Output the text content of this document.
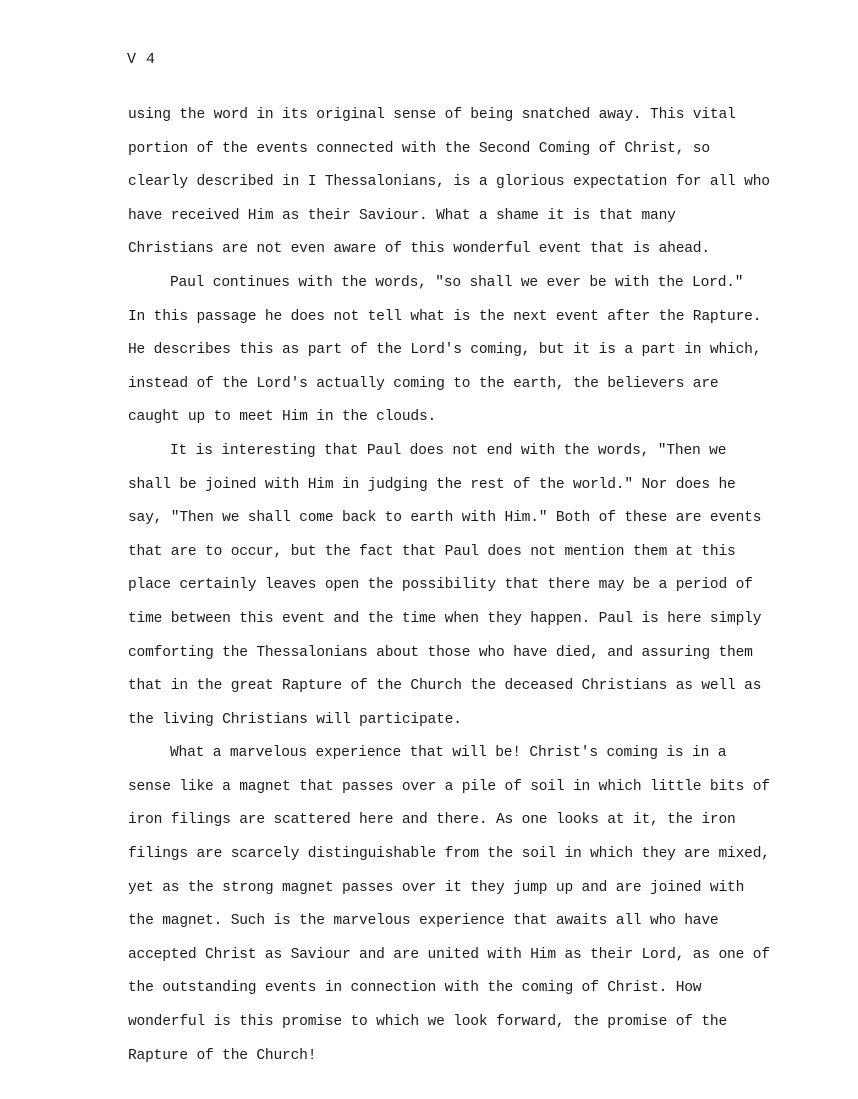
V 4
using the word in its original sense of being snatched away. This vital
portion of the events connected with the Second Coming of Christ, so
clearly described in I Thessalonians, is a glorious expectation for all who
have received Him as their Saviour. What a shame it is that many
Christians are not even aware of this wonderful event that is ahead.
Paul continues with the words, "so shall we ever be with the Lord."
In this passage he does not tell what is the next event after the Rapture.
He describes this as part of the Lord's coming, but it is a part in which,
instead of the Lord's actually coming to the earth, the believers are
caught up to meet Him in the clouds.
It is interesting that Paul does not end with the words, "Then we
shall be joined with Him in judging the rest of the world." Nor does he
say, "Then we shall come back to earth with Him." Both of these are events
that are to occur, but the fact that Paul does not mention them at this
place certainly leaves open the possibility that there may be a period of
time between this event and the time when they happen. Paul is here simply
comforting the Thessalonians about those who have died, and assuring them
that in the great Rapture of the Church the deceased Christians as well as
the living Christians will participate.
What a marvelous experience that will be! Christ's coming is in a
sense like a magnet that passes over a pile of soil in which little bits of
iron filings are scattered here and there. As one looks at it, the iron
filings are scarcely distinguishable from the soil in which they are mixed,
yet as the strong magnet passes over it they jump up and are joined with
the magnet. Such is the marvelous experience that awaits all who have
accepted Christ as Saviour and are united with Him as their Lord, as one of
the outstanding events in connection with the coming of Christ. How
wonderful is this promise to which we look forward, the promise of the
Rapture of the Church!
